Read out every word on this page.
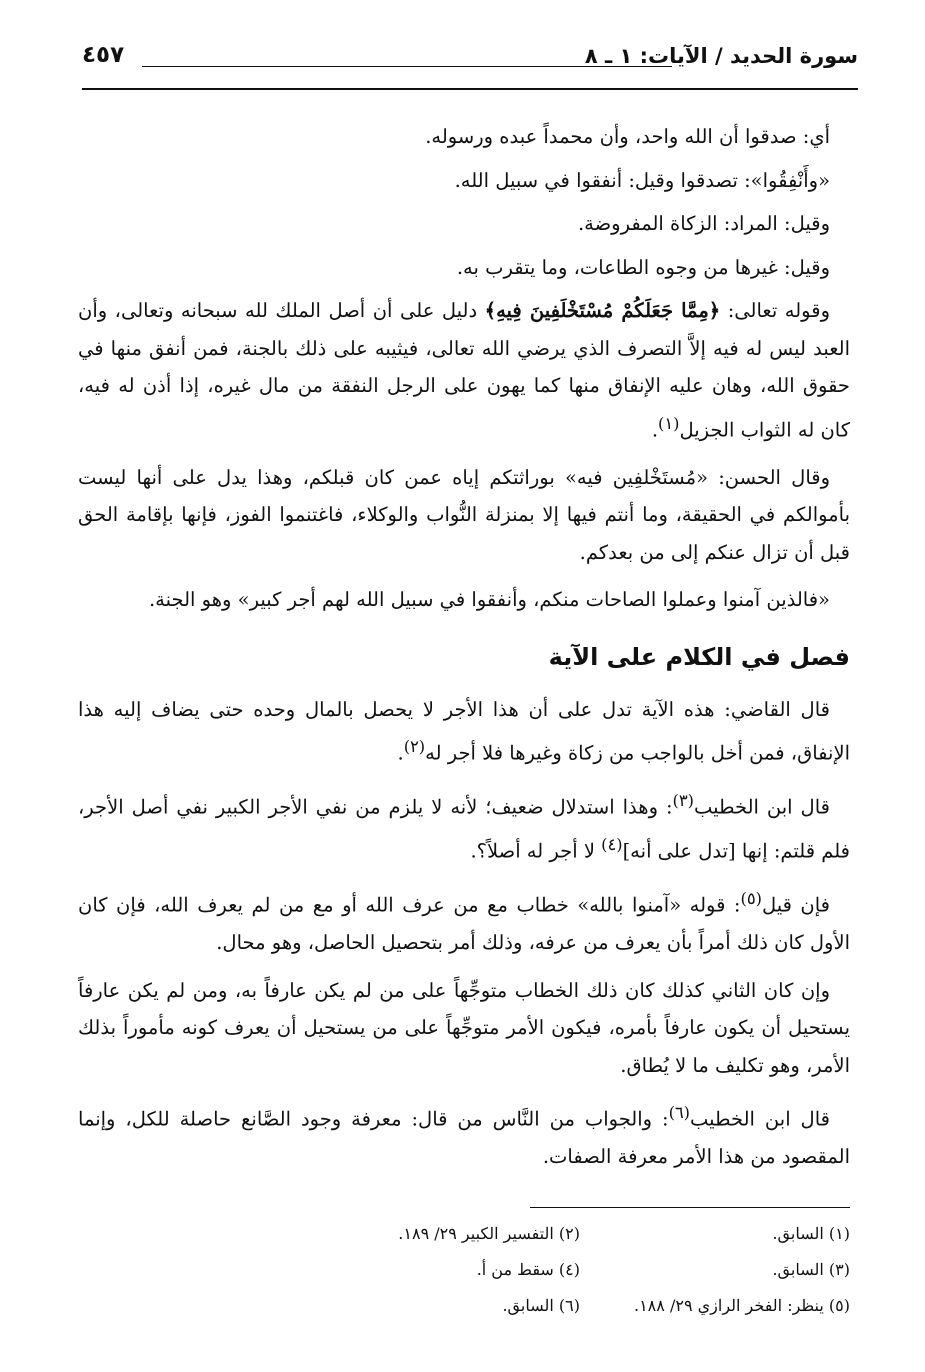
سورة الحديد / الآيات: ١ ـ ٨
٤٥٧

أي: صدقوا أن الله واحد، وأن محمداً عبده ورسوله.

«وأَنْفِقُوا»: تصدقوا وقيل: أنفقوا في سبيل الله.

وقيل: المراد: الزكاة المفروضة.

وقيل: غيرها من وجوه الطاعات، وما يتقرب به.

وقوله تعالى: ﴿مِمَّا جَعَلَكُمْ مُسْتَخْلَفِينَ فِيهِ﴾ دليل على أن أصل الملك لله سبحانه وتعالى، وأن العبد ليس له فيه إلاَّ التصرف الذي يرضي الله تعالى، فيثيبه على ذلك بالجنة، فمن أنفق منها في حقوق الله، وهان عليه الإنفاق منها كما يهون على الرجل النفقة من مال غيره، إذا أذن له فيه، كان له الثواب الجزيل$^{(١)}$.

وقال الحسن: «مُستَخْلفِين فيه» بوراثتكم إياه عمن كان قبلكم، وهذا يدل على أنها ليست بأموالكم في الحقيقة، وما أنتم فيها إلا بمنزلة النُّواب والوكلاء، فاغتنموا الفوز، فإنها بإقامة الحق قبل أن تزال عنكم إلى من بعدكم.

«فالذين آمنوا وعملوا الصاحات منكم، وأنفقوا في سبيل الله لهم أجر كبير» وهو الجنة.

فصل في الكلام على الآية

قال القاضي: هذه الآية تدل على أن هذا الأجر لا يحصل بالمال وحده حتى يضاف إليه هذا الإنفاق، فمن أخل بالواجب من زكاة وغيرها فلا أجر له$^{(٢)}$.

قال ابن الخطيب$^{(٣)}$: وهذا استدلال ضعيف؛ لأنه لا يلزم من نفي الأجر الكبير نفي أصل الأجر، فلم قلتم: إنها [تدل على أنه]$^{(٤)}$ لا أجر له أصلاً؟.

فإن قيل$^{(٥)}$: قوله «آمنوا بالله» خطاب مع من عرف الله أو مع من لم يعرف الله، فإن كان الأول كان ذلك أمراً بأن يعرف من عرفه، وذلك أمر بتحصيل الحاصل، وهو محال.

وإن كان الثاني كذلك كان ذلك الخطاب متوجِّهاً على من لم يكن عارفاً به، ومن لم يكن عارفاً يستحيل أن يكون عارفاً بأمره، فيكون الأمر متوجِّهاً على من يستحيل أن يعرف كونه مأموراً بذلك الأمر، وهو تكليف ما لا يُطاق.

قال ابن الخطيب$^{(٦)}$: والجواب من النَّاس من قال: معرفة وجود الصَّانع حاصلة للكل، وإنما المقصود من هذا الأمر معرفة الصفات.

(١) السابق.
(٢) التفسير الكبير ٢٩/ ١٨٩.
(٣) السابق.
(٤) سقط من أ.
(٥) ينظر: الفخر الرازي ٢٩/ ١٨٨.
(٦) السابق.
